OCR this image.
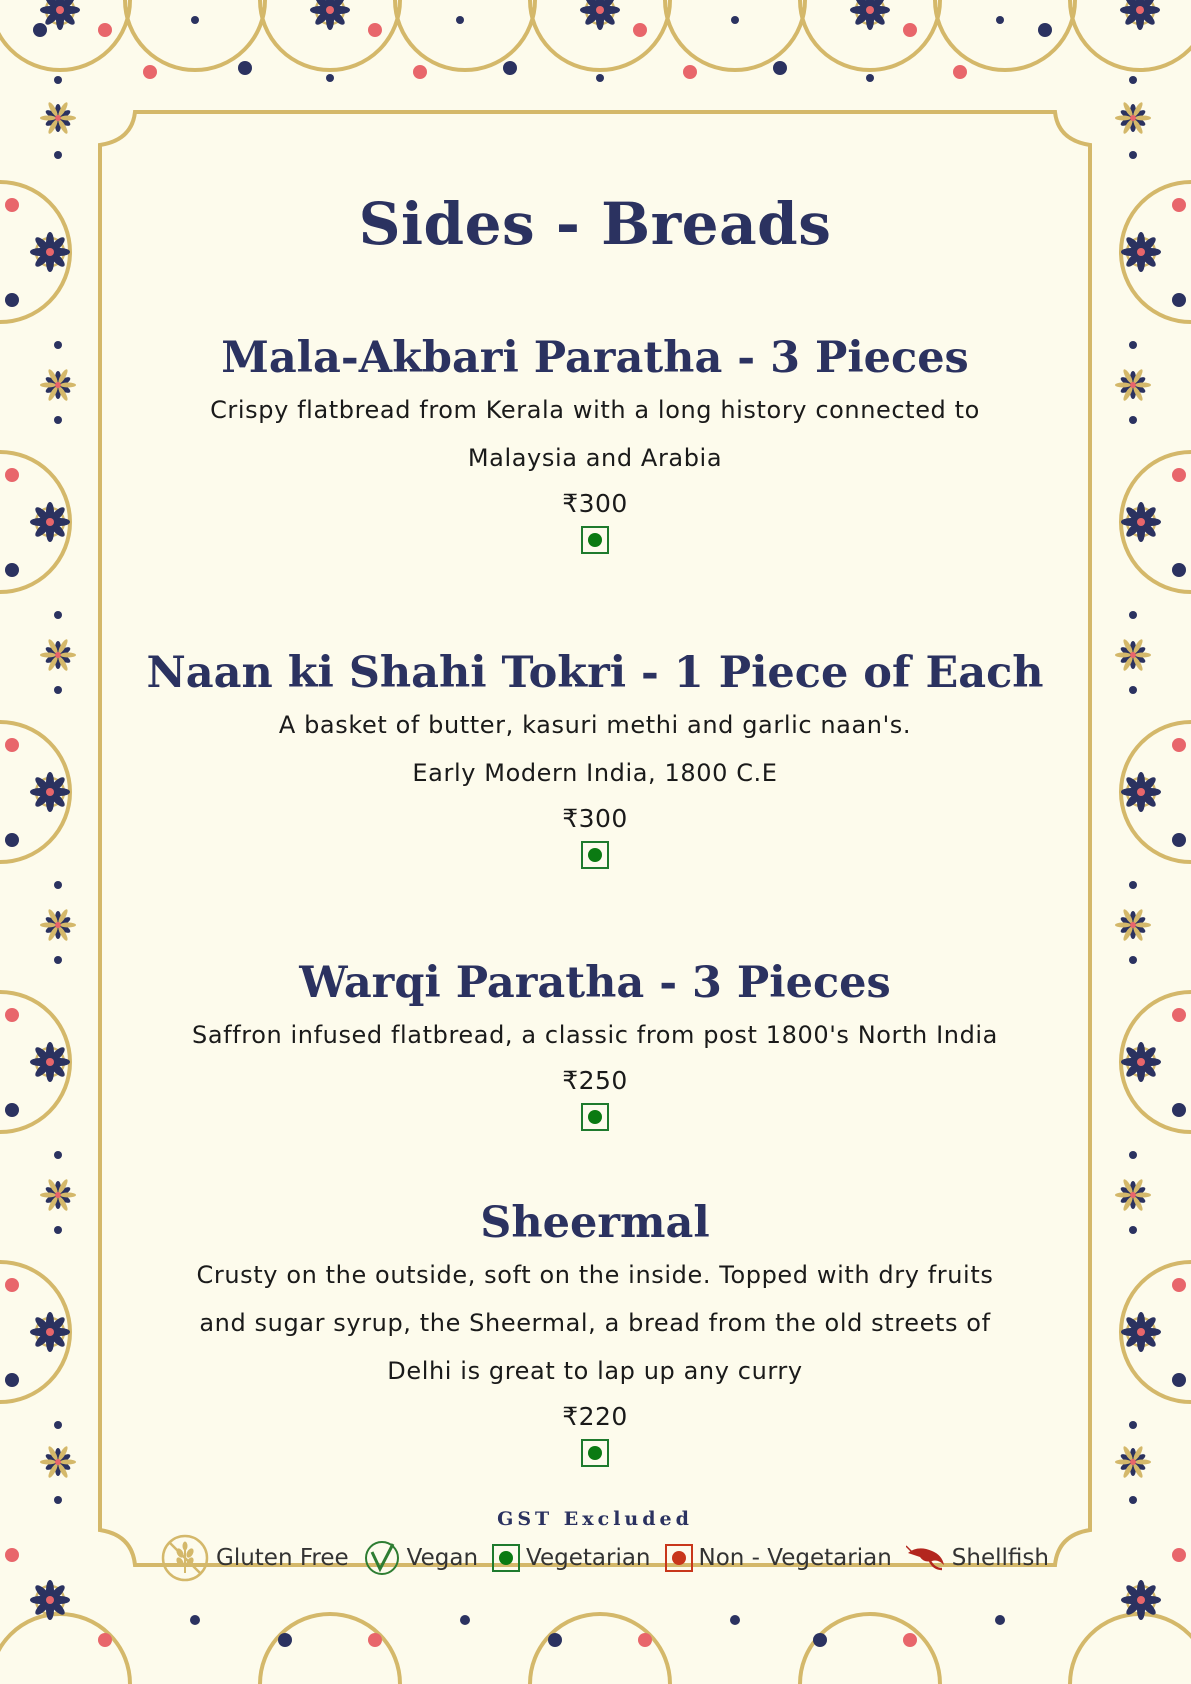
Sides - Breads
Mala-Akbari Paratha - 3 Pieces

Crispy flatbread from Kerala with a long history connected to

Malaysia and Arabia

₹300

Naan ki Shahi Tokri - 1 Piece of Each

A basket of butter, kasuri methi and garlic naan's.

Early Modern India, 1800 C.E

₹300

Warqi Paratha - 3 Pieces

Saffron infused flatbread, a classic from post 1800's North India

₹250

Sheermal

Crusty on the outside, soft on the inside. Topped with dry fruits

and sugar syrup, the Sheermal, a bread from the old streets of

Delhi is great to lap up any curry

₹220

GST Excluded
Gluten Free	Vegan Vegetarian Non - Vegetarian	Shellfish
